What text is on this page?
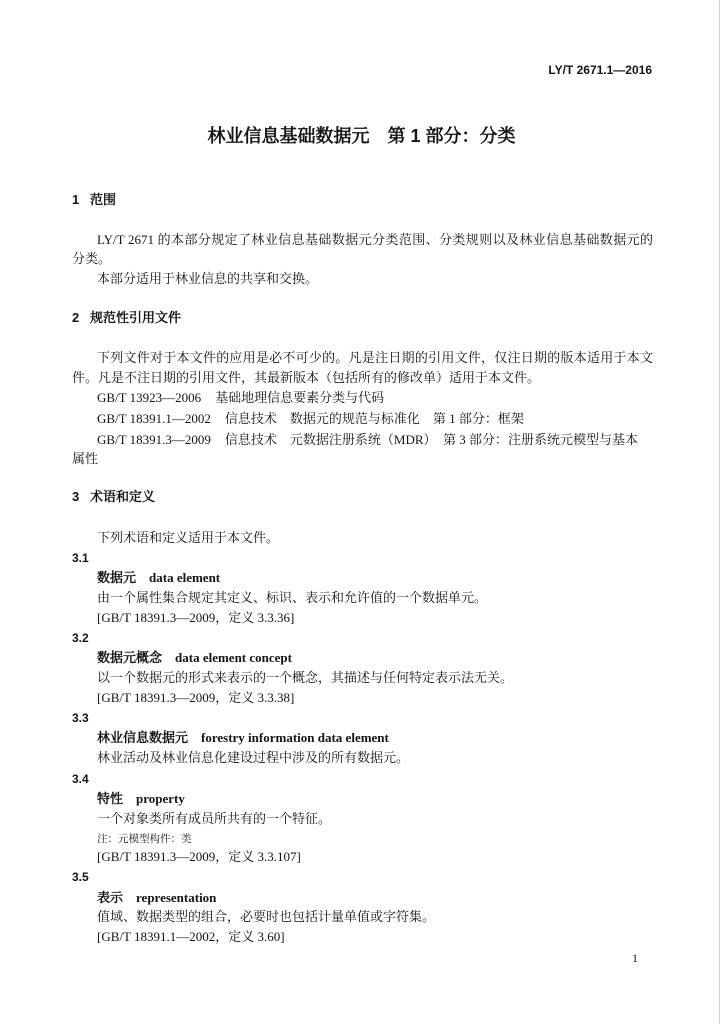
LY/T 2671.1—2016
林业信息基础数据元　第 1 部分：分类
1 范围
LY/T 2671 的本部分规定了林业信息基础数据元分类范围、分类规则以及林业信息基础数据元的
分类。
本部分适用于林业信息的共享和交换。
2 规范性引用文件
下列文件对于本文件的应用是必不可少的。凡是注日期的引用文件，仅注日期的版本适用于本文
件。凡是不注日期的引用文件，其最新版本（包括所有的修改单）适用于本文件。
GB/T 13923—2006 基础地理信息要素分类与代码
GB/T 18391.1—2002 信息技术　数据元的规范与标准化　第 1 部分：框架
GB/T 18391.3—2009 信息技术　元数据注册系统（MDR）　第 3 部分：注册系统元模型与基本
属性
3 术语和定义
下列术语和定义适用于本文件。
3.1
数据元 data element
由一个属性集合规定其定义、标识、表示和允许值的一个数据单元。
[GB/T 18391.3—2009，定义 3.3.36]
3.2
数据元概念 data element concept
以一个数据元的形式来表示的一个概念，其描述与任何特定表示法无关。
[GB/T 18391.3—2009，定义 3.3.38]
3.3
林业信息数据元 forestry information data element
林业活动及林业信息化建设过程中涉及的所有数据元。
3.4
特性 property
一个对象类所有成员所共有的一个特征。
注：元模型构件：类
[GB/T 18391.3—2009，定义 3.3.107]
3.5
表示 representation
值域、数据类型的组合，必要时也包括计量单值或字符集。
[GB/T 18391.1—2002，定义 3.60]
1
